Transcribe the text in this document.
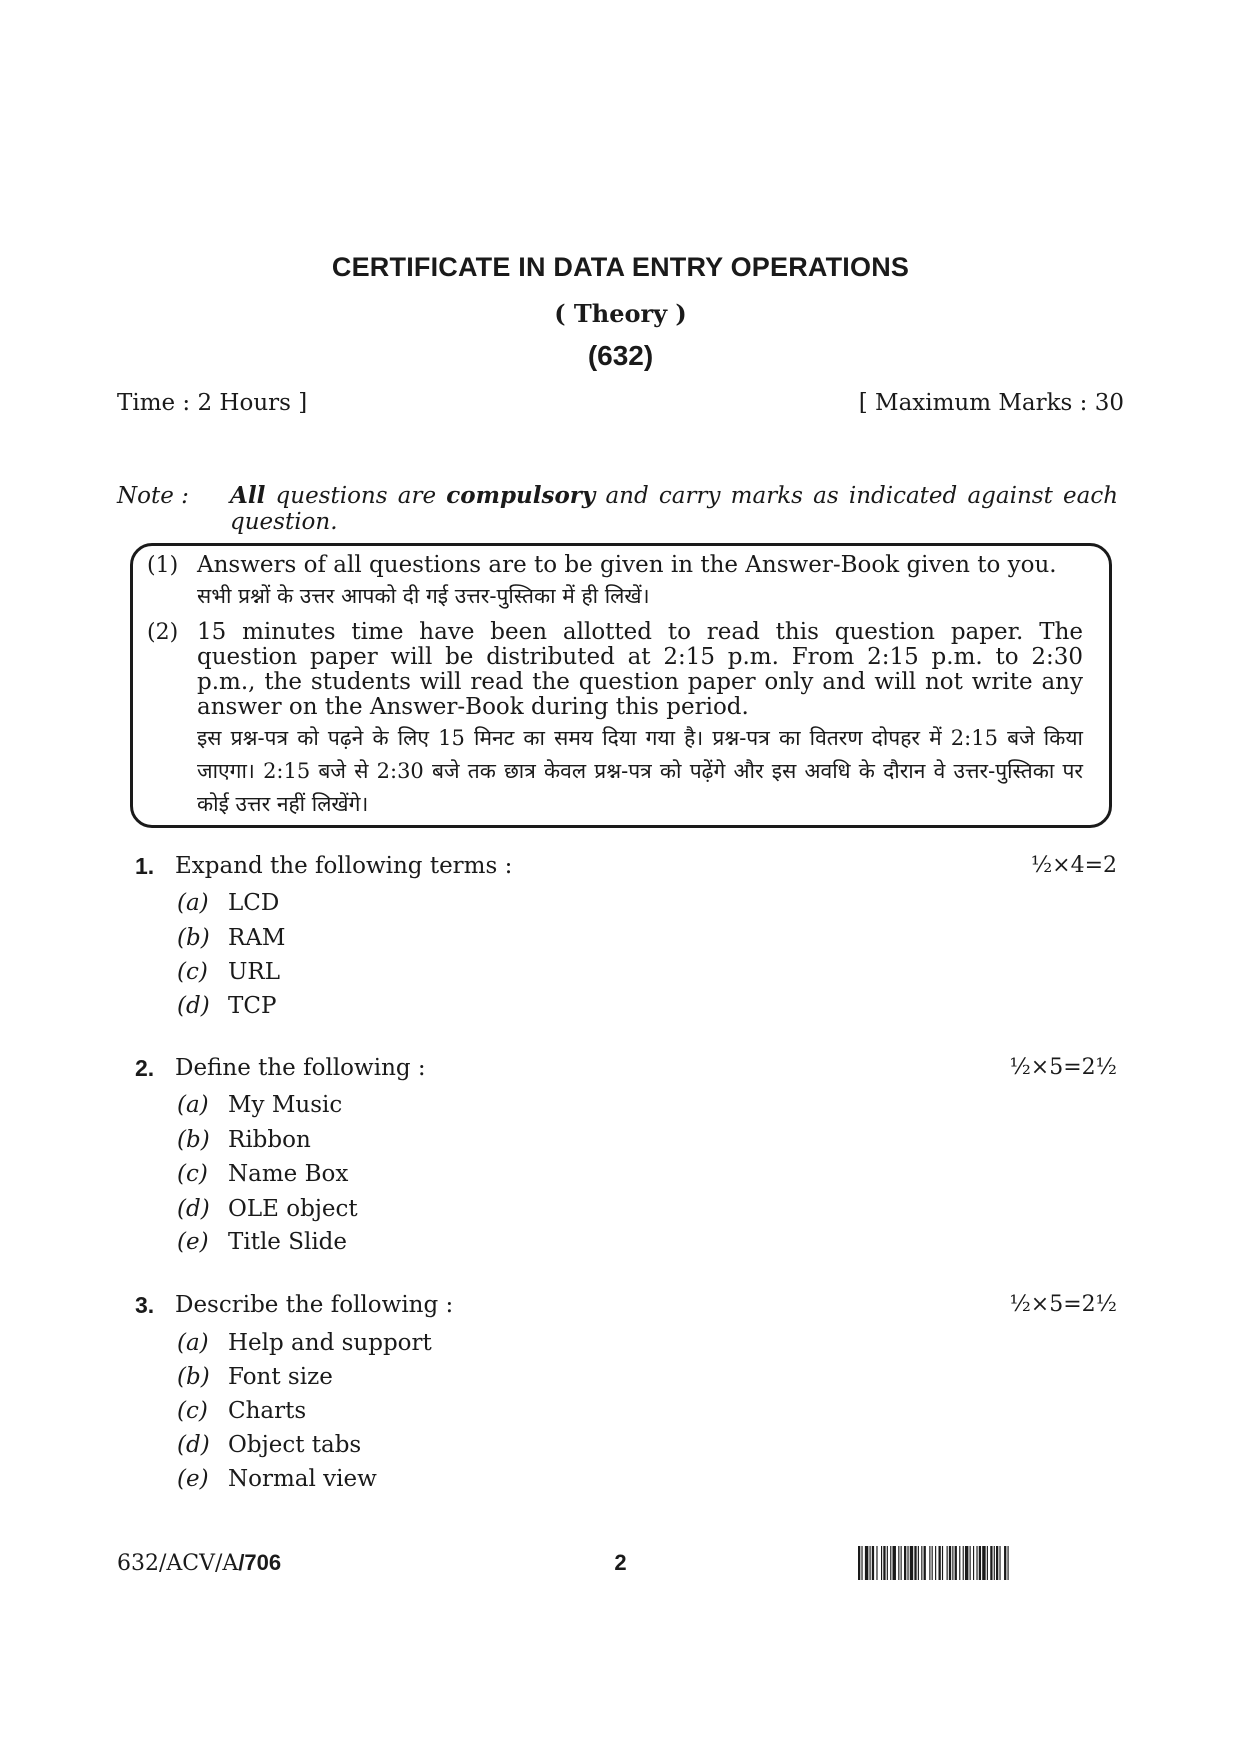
CERTIFICATE IN DATA ENTRY OPERATIONS
( Theory )
(632)
Time : 2 Hours ]	[ Maximum Marks : 30
Note : All questions are compulsory and carry marks as indicated against each question.
(1) Answers of all questions are to be given in the Answer-Book given to you.
सभी प्रश्नों के उत्तर आपको दी गई उत्तर-पुस्तिका में ही लिखें।
(2) 15 minutes time have been allotted to read this question paper. The question paper will be distributed at 2:15 p.m. From 2:15 p.m. to 2:30 p.m., the students will read the question paper only and will not write any answer on the Answer-Book during this period.
इस प्रश्न-पत्र को पढ़ने के लिए 15 मिनट का समय दिया गया है। प्रश्न-पत्र का वितरण दोपहर में 2:15 बजे किया जाएगा। 2:15 बजे से 2:30 बजे तक छात्र केवल प्रश्न-पत्र को पढ़ेंगे और इस अवधि के दौरान वे उत्तर-पुस्तिका पर कोई उत्तर नहीं लिखेंगे।
1. Expand the following terms :	½×4=2
(a) LCD
(b) RAM
(c) URL
(d) TCP
2. Define the following :	½×5=2½
(a) My Music
(b) Ribbon
(c) Name Box
(d) OLE object
(e) Title Slide
3. Describe the following :	½×5=2½
(a) Help and support
(b) Font size
(c) Charts
(d) Object tabs
(e) Normal view
632/ACV/A/706	2
